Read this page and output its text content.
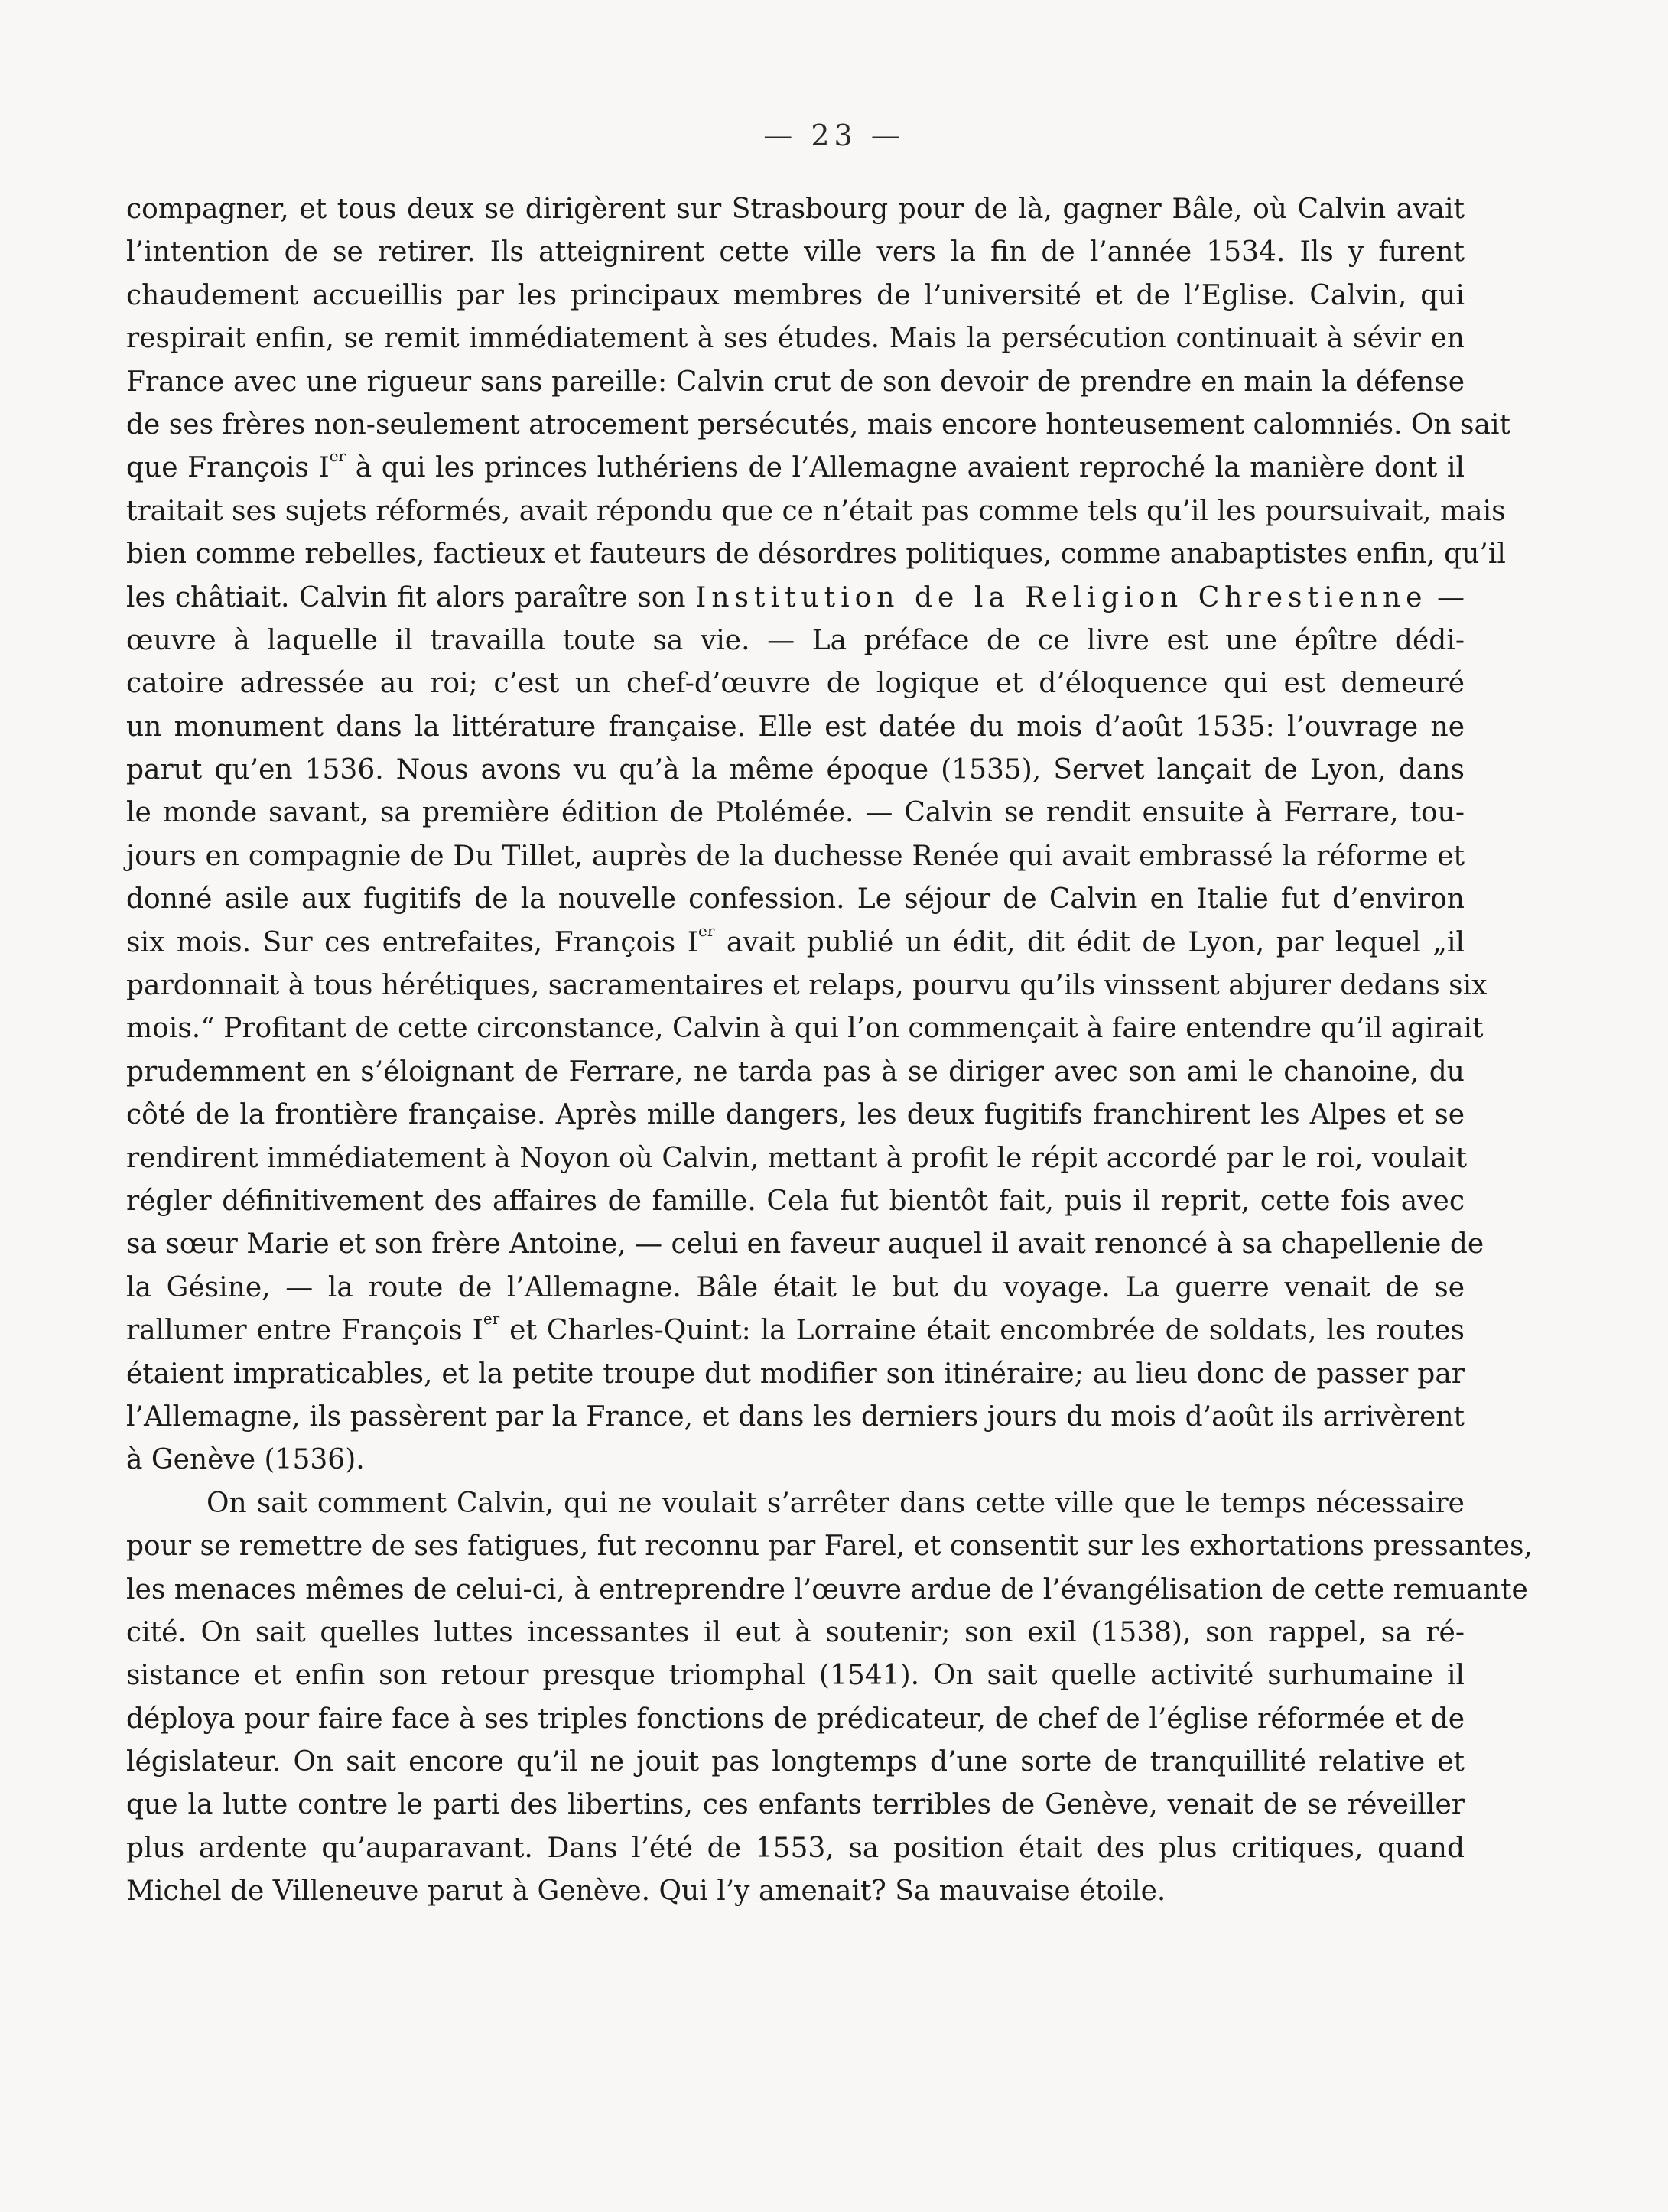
— 23 —
compagner, et tous deux se dirigèrent sur Strasbourg pour de là, gagner Bâle, où Calvin avait
l’intention de se retirer. Ils atteignirent cette ville vers la fin de l’année 1534. Ils y furent
chaudement accueillis par les principaux membres de l’université et de l’Eglise. Calvin, qui
respirait enfin, se remit immédiatement à ses études. Mais la persécution continuait à sévir en
France avec une rigueur sans pareille: Calvin crut de son devoir de prendre en main la défense
de ses frères non-seulement atrocement persécutés, mais encore honteusement calomniés. On sait
que François Ier à qui les princes luthériens de l’Allemagne avaient reproché la manière dont il
traitait ses sujets réformés, avait répondu que ce n’était pas comme tels qu’il les poursuivait, mais
bien comme rebelles, factieux et fauteurs de désordres politiques, comme anabaptistes enfin, qu’il
les châtiait. Calvin fit alors paraître son Institution de la Religion Chrestienne —
œuvre à laquelle il travailla toute sa vie. — La préface de ce livre est une épître dédi-
catoire adressée au roi; c’est un chef-d’œuvre de logique et d’éloquence qui est demeuré
un monument dans la littérature française. Elle est datée du mois d’août 1535: l’ouvrage ne
parut qu’en 1536. Nous avons vu qu’à la même époque (1535), Servet lançait de Lyon, dans
le monde savant, sa première édition de Ptolémée. — Calvin se rendit ensuite à Ferrare, tou-
jours en compagnie de Du Tillet, auprès de la duchesse Renée qui avait embrassé la réforme et
donné asile aux fugitifs de la nouvelle confession. Le séjour de Calvin en Italie fut d’environ
six mois. Sur ces entrefaites, François Ier avait publié un édit, dit édit de Lyon, par lequel „il
pardonnait à tous hérétiques, sacramentaires et relaps, pourvu qu’ils vinssent abjurer dedans six
mois.“ Profitant de cette circonstance, Calvin à qui l’on commençait à faire entendre qu’il agirait
prudemment en s’éloignant de Ferrare, ne tarda pas à se diriger avec son ami le chanoine, du
côté de la frontière française. Après mille dangers, les deux fugitifs franchirent les Alpes et se
rendirent immédiatement à Noyon où Calvin, mettant à profit le répit accordé par le roi, voulait
régler définitivement des affaires de famille. Cela fut bientôt fait, puis il reprit, cette fois avec
sa sœur Marie et son frère Antoine, — celui en faveur auquel il avait renoncé à sa chapellenie de
la Gésine, — la route de l’Allemagne. Bâle était le but du voyage. La guerre venait de se
rallumer entre François Ier et Charles-Quint: la Lorraine était encombrée de soldats, les routes
étaient impraticables, et la petite troupe dut modifier son itinéraire; au lieu donc de passer par
l’Allemagne, ils passèrent par la France, et dans les derniers jours du mois d’août ils arrivèrent
à Genève (1536).
On sait comment Calvin, qui ne voulait s’arrêter dans cette ville que le temps nécessaire
pour se remettre de ses fatigues, fut reconnu par Farel, et consentit sur les exhortations pressantes,
les menaces mêmes de celui-ci, à entreprendre l’œuvre ardue de l’évangélisation de cette remuante
cité. On sait quelles luttes incessantes il eut à soutenir; son exil (1538), son rappel, sa ré-
sistance et enfin son retour presque triomphal (1541). On sait quelle activité surhumaine il
déploya pour faire face à ses triples fonctions de prédicateur, de chef de l’église réformée et de
législateur. On sait encore qu’il ne jouit pas longtemps d’une sorte de tranquillité relative et
que la lutte contre le parti des libertins, ces enfants terribles de Genève, venait de se réveiller
plus ardente qu’auparavant. Dans l’été de 1553, sa position était des plus critiques, quand
Michel de Villeneuve parut à Genève. Qui l’y amenait? Sa mauvaise étoile.
